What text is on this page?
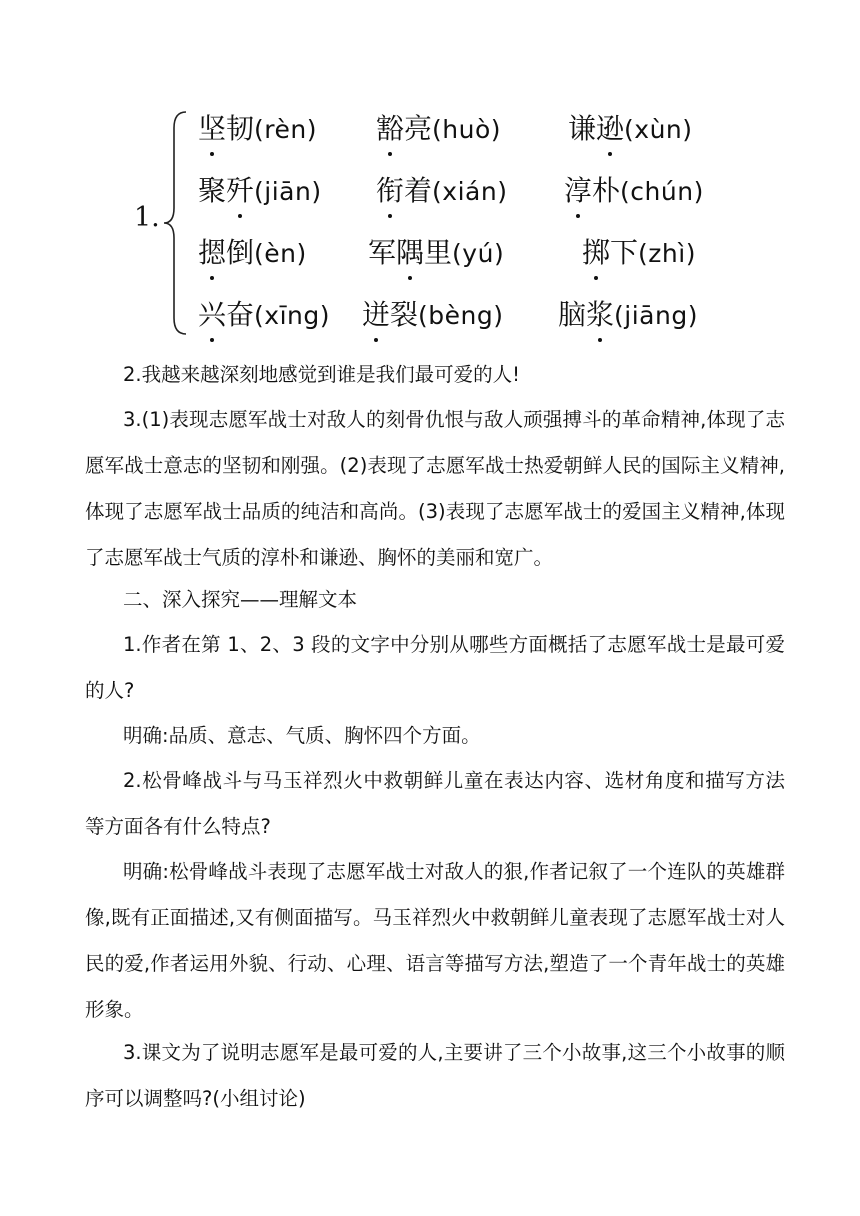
1.
坚韧(rèn) 豁亮(huò) 谦逊(xùn)
聚歼(jiān) 衔着(xián) 淳朴(chún)
摁倒(èn) 军隅里(yú)	掷下(zhì)
兴奋(xīng) 迸裂(bèng) 脑浆(jiāng)

2.我越来越深刻地感觉到谁是我们最可爱的人!

3.(1)表现志愿军战士对敌人的刻骨仇恨与敌人顽强搏斗的革命精神,体现了志愿军战士意志的坚韧和刚强。(2)表现了志愿军战士热爱朝鲜人民的国际主义精神,体现了志愿军战士品质的纯洁和高尚。(3)表现了志愿军战士的爱国主义精神,体现了志愿军战士气质的淳朴和谦逊、胸怀的美丽和宽广。

二、深入探究——理解文本

1.作者在第 1、2、3 段的文字中分别从哪些方面概括了志愿军战士是最可爱的人?

明确:品质、意志、气质、胸怀四个方面。

2.松骨峰战斗与马玉祥烈火中救朝鲜儿童在表达内容、选材角度和描写方法等方面各有什么特点?

明确:松骨峰战斗表现了志愿军战士对敌人的狠,作者记叙了一个连队的英雄群像,既有正面描述,又有侧面描写。马玉祥烈火中救朝鲜儿童表现了志愿军战士对人民的爱,作者运用外貌、行动、心理、语言等描写方法,塑造了一个青年战士的英雄形象。

3.课文为了说明志愿军是最可爱的人,主要讲了三个小故事,这三个小故事的顺序可以调整吗?(小组讨论)
